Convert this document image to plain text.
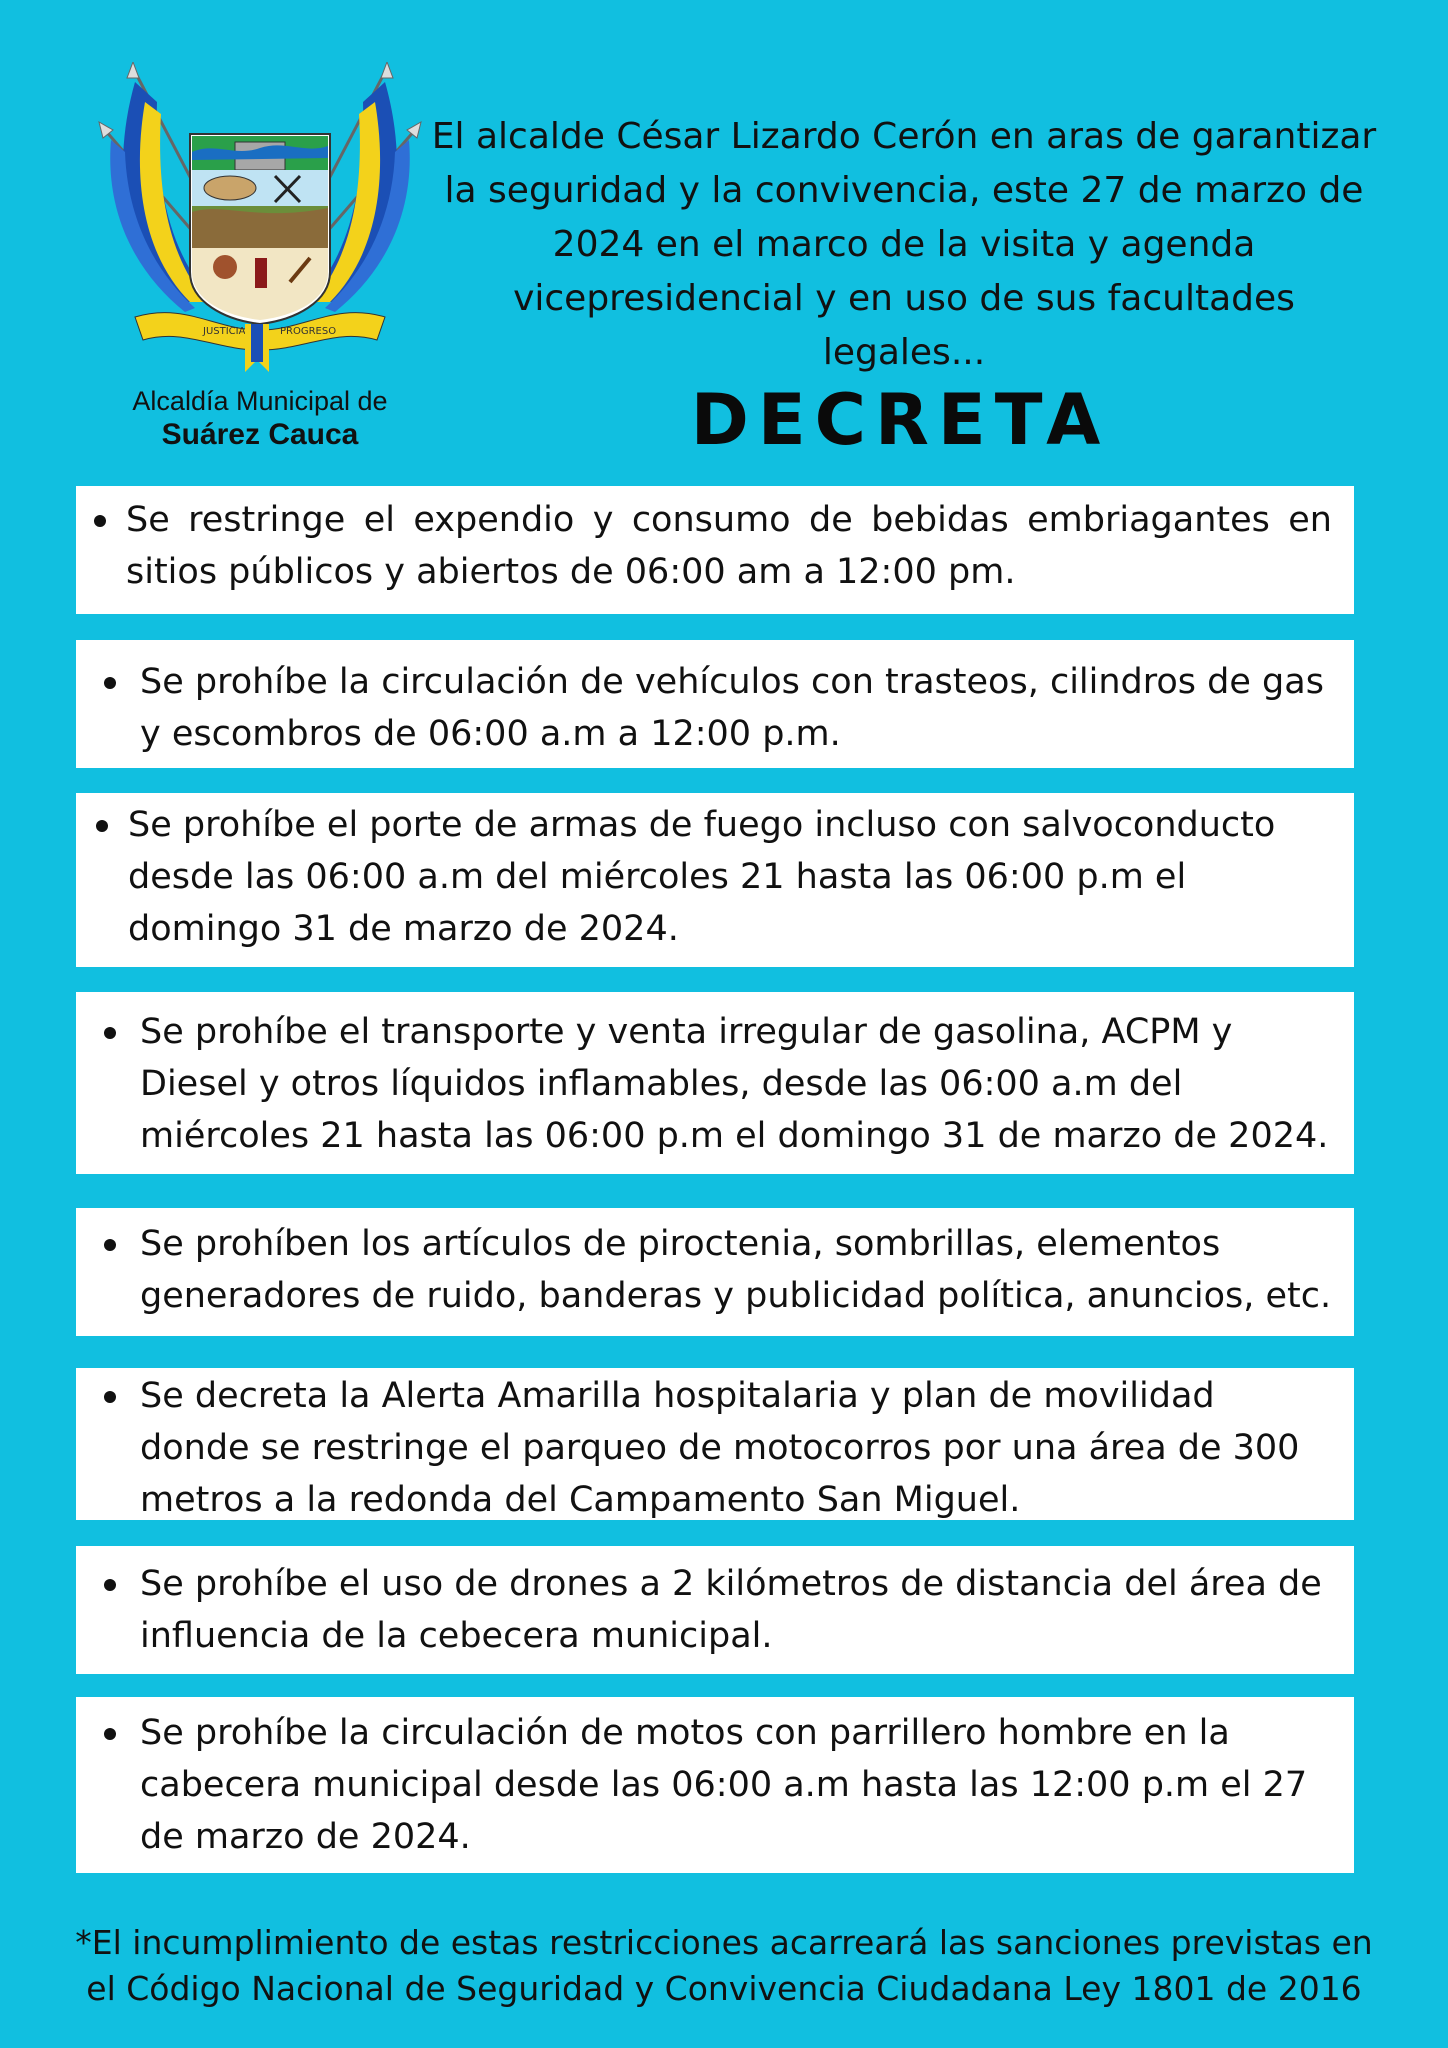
JUSTICIA	PROGRESO
Alcaldía Municipal de
Suárez Cauca
El alcalde César Lizardo Cerón en aras de garantizar la seguridad y la convivencia, este 27 de marzo de 2024 en el marco de la visita y agenda vicepresidencial y en uso de sus facultades legales...
DECRETA
Se restringe el expendio y consumo de bebidas embriagantes en sitios públicos y abiertos de 06:00 am a 12:00 pm.
Se prohíbe la circulación de vehículos con trasteos, cilindros de gas y escombros de 06:00 a.m a 12:00 p.m.
Se prohíbe el porte de armas de fuego incluso con salvoconducto desde las 06:00 a.m del miércoles 21 hasta las 06:00 p.m el domingo 31 de marzo de 2024.
Se prohíbe el transporte y venta irregular de gasolina, ACPM y Diesel y otros líquidos inflamables, desde las 06:00 a.m del miércoles 21 hasta las 06:00 p.m el domingo 31 de marzo de 2024.
Se prohíben los artículos de piroctenia, sombrillas, elementos generadores de ruido, banderas y publicidad política, anuncios, etc.
Se decreta la Alerta Amarilla hospitalaria y plan de movilidad donde se restringe el parqueo de motocorros por una área de 300 metros a la redonda del Campamento San Miguel.
Se prohíbe el uso de drones a 2 kilómetros de distancia del área de influencia de la cebecera municipal.
Se prohíbe la circulación de motos con parrillero hombre en la cabecera municipal desde las 06:00 a.m hasta las 12:00 p.m el 27 de marzo de 2024.
*El incumplimiento de estas restricciones acarreará las sanciones previstas en el Código Nacional de Seguridad y Convivencia Ciudadana Ley 1801 de 2016
